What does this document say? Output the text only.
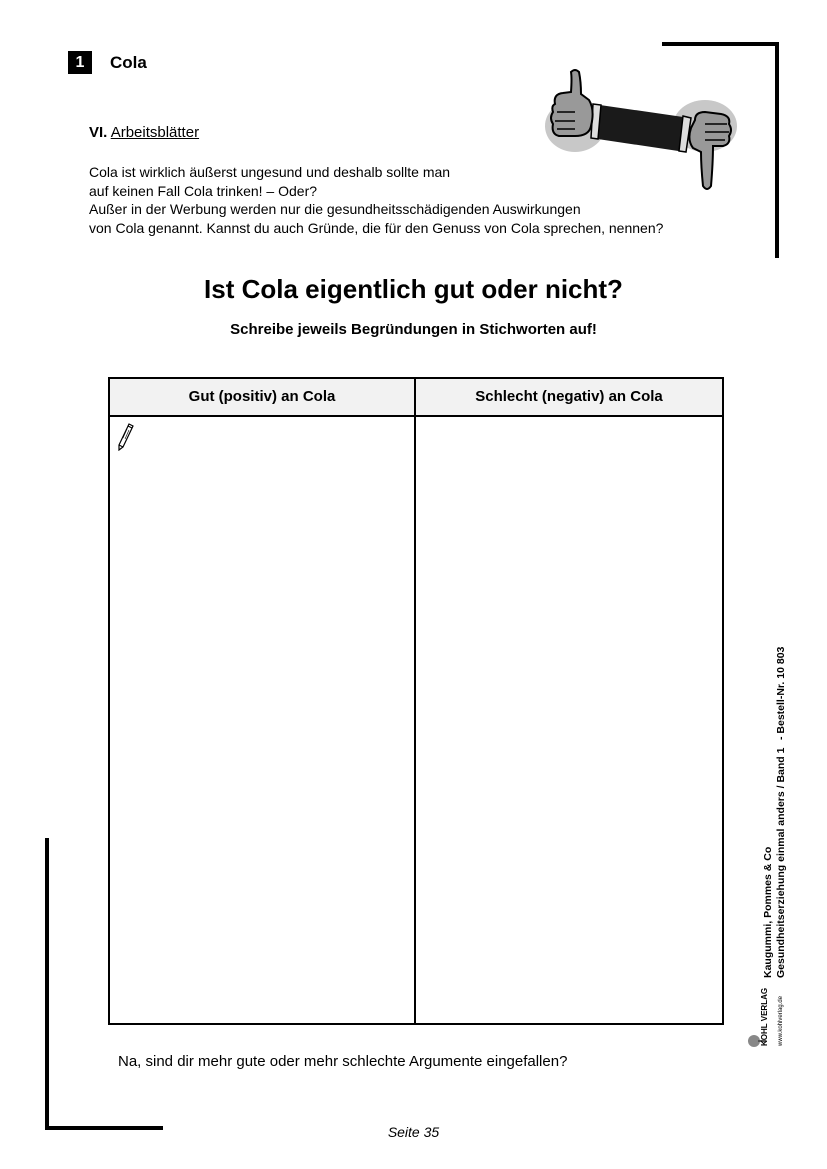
1	Cola
VI. Arbeitsblätter
Cola ist wirklich äußerst ungesund und deshalb sollte man
auf keinen Fall Cola trinken! – Oder?
Außer in der Werbung werden nur die gesundheitsschädigenden Auswirkungen
von Cola genannt. Kannst du auch Gründe, die für den Genuss von Cola sprechen, nennen?
Ist Cola eigentlich gut oder nicht?
Schreibe jeweils Begründungen in Stichworten auf!
Gut (positiv) an Cola	Schlecht (negativ) an Cola
Na, sind dir mehr gute oder mehr schlechte Argumente eingefallen?
Seite 35
KOHL VERLAG www.kohlverlag.de
Kaugummi, Pommes & Co Gesundheitserziehung einmal anders / Band 1
- Bestell-Nr. 10 803
